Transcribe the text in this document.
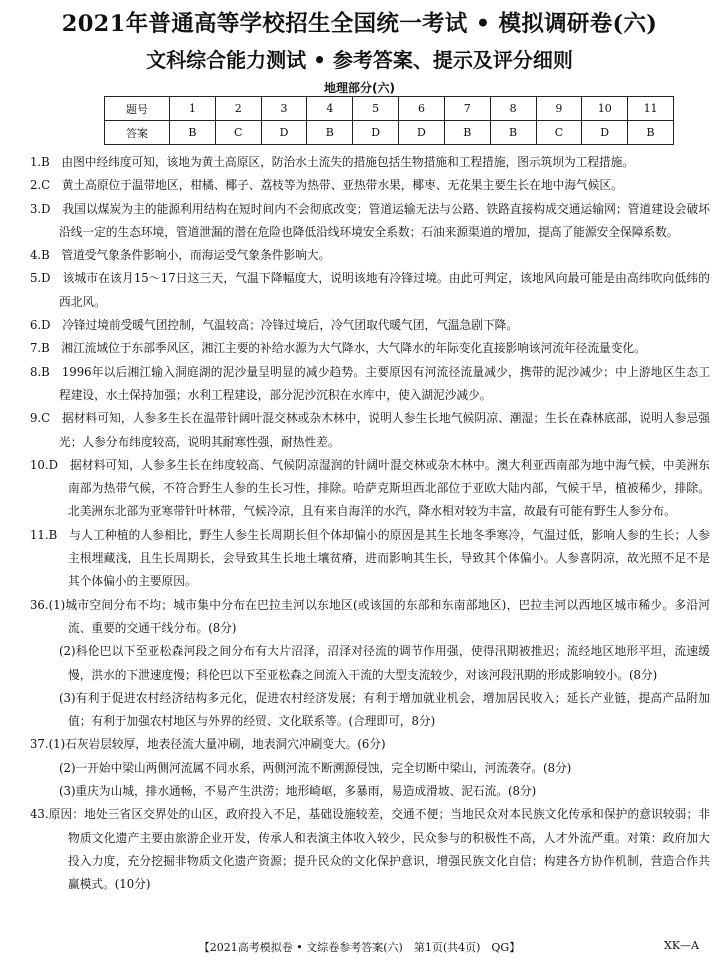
2021年普通高等学校招生全国统一考试 • 模拟调研卷(六)
文科综合能力测试 • 参考答案、提示及评分细则
地理部分(六)
题号	1	2	3	4	5	6	7	8	9	10	11
答案	B	C	D	B	D	D	B	B	C	D	B

1.B　由图中经纬度可知，该地为黄土高原区，防治水土流失的措施包括生物措施和工程措施，图示筑坝为工程措施。

2.C　黄土高原位于温带地区，柑橘、椰子、荔枝等为热带、亚热带水果，椰枣、无花果主要生长在地中海气候区。

3.D　我国以煤炭为主的能源利用结构在短时间内不会彻底改变；管道运输无法与公路、铁路直接构成交通运输网；管道建设会破坏沿线一定的生态环境，管道泄漏的潜在危险也降低沿线环境安全系数；石油来源渠道的增加，提高了能源安全保障系数。

4.B　管道受气象条件影响小，而海运受气象条件影响大。

5.D　该城市在该月15～17日这三天，气温下降幅度大，说明该地有冷锋过境。由此可判定，该地风向最可能是由高纬吹向低纬的西北风。

6.D　冷锋过境前受暖气团控制，气温较高；冷锋过境后，冷气团取代暖气团，气温急剧下降。

7.B　湘江流域位于东部季风区，湘江主要的补给水源为大气降水，大气降水的年际变化直接影响该河流年径流量变化。

8.B　1996年以后湘江输入洞庭湖的泥沙量呈明显的减少趋势。主要原因有河流径流量减少，携带的泥沙减少；中上游地区生态工程建设，水土保持加强；水利工程建设，部分泥沙沉积在水库中，使入湖泥沙减少。

9.C　据材料可知，人参多生长在温带针阔叶混交林或杂木林中，说明人参生长地气候阴凉、潮湿；生长在森林底部，说明人参忌强光；人参分布纬度较高，说明其耐寒性强，耐热性差。

10.D　据材料可知，人参多生长在纬度较高、气候阴凉湿润的针阔叶混交林或杂木林中。澳大利亚西南部为地中海气候，中美洲东南部为热带气候，不符合野生人参的生长习性，排除。哈萨克斯坦西北部位于亚欧大陆内部，气候干旱，植被稀少，排除。北美洲东北部为亚寒带针叶林带，气候冷凉，且有来自海洋的水汽，降水相对较为丰富，故最有可能有野生人参分布。

11.B　与人工种植的人参相比，野生人参生长周期长但个体却偏小的原因是其生长地冬季寒冷，气温过低，影响人参的生长；人参主根埋藏浅，且生长周期长，会导致其生长地土壤贫瘠，进而影响其生长，导致其个体偏小。人参喜阴凉，故光照不足不是其个体偏小的主要原因。

36.(1)城市空间分布不均；城市集中分布在巴拉圭河以东地区(或该国的东部和东南部地区)，巴拉圭河以西地区城市稀少。多沿河流、重要的交通干线分布。(8分)

(2)科伦巴以下至亚松森河段之间分布有大片沼泽，沼泽对径流的调节作用强，使得汛期被推迟；流经地区地形平坦，流速缓慢，洪水的下泄速度慢；科伦巴以下至亚松森之间流入干流的大型支流较少，对该河段汛期的形成影响较小。(8分)

(3)有利于促进农村经济结构多元化，促进农村经济发展；有利于增加就业机会，增加居民收入；延长产业链，提高产品附加值；有利于加强农村地区与外界的经贸、文化联系等。(合理即可，8分)

37.(1)石灰岩层较厚，地表径流大量冲刷，地表洞穴冲刷变大。(6分)

(2)一开始中梁山两侧河流属不同水系，两侧河流不断溯源侵蚀，完全切断中梁山，河流袭夺。(8分)

(3)重庆为山城，排水通畅，不易产生洪涝；地形崎岖，多暴雨，易造成滑坡、泥石流。(8分)

43.原因：地处三省区交界处的山区，政府投入不足，基础设施较差，交通不便；当地民众对本民族文化传承和保护的意识较弱；非物质文化遗产主要由旅游企业开发，传承人和表演主体收入较少，民众参与的积极性不高，人才外流严重。对策：政府加大投入力度，充分挖掘非物质文化遗产资源；提升民众的文化保护意识，增强民族文化自信；构建各方协作机制，营造合作共赢模式。(10分)

【2021高考模拟卷 • 文综卷参考答案(六)　第1页(共4页)　QG】	XK—A
